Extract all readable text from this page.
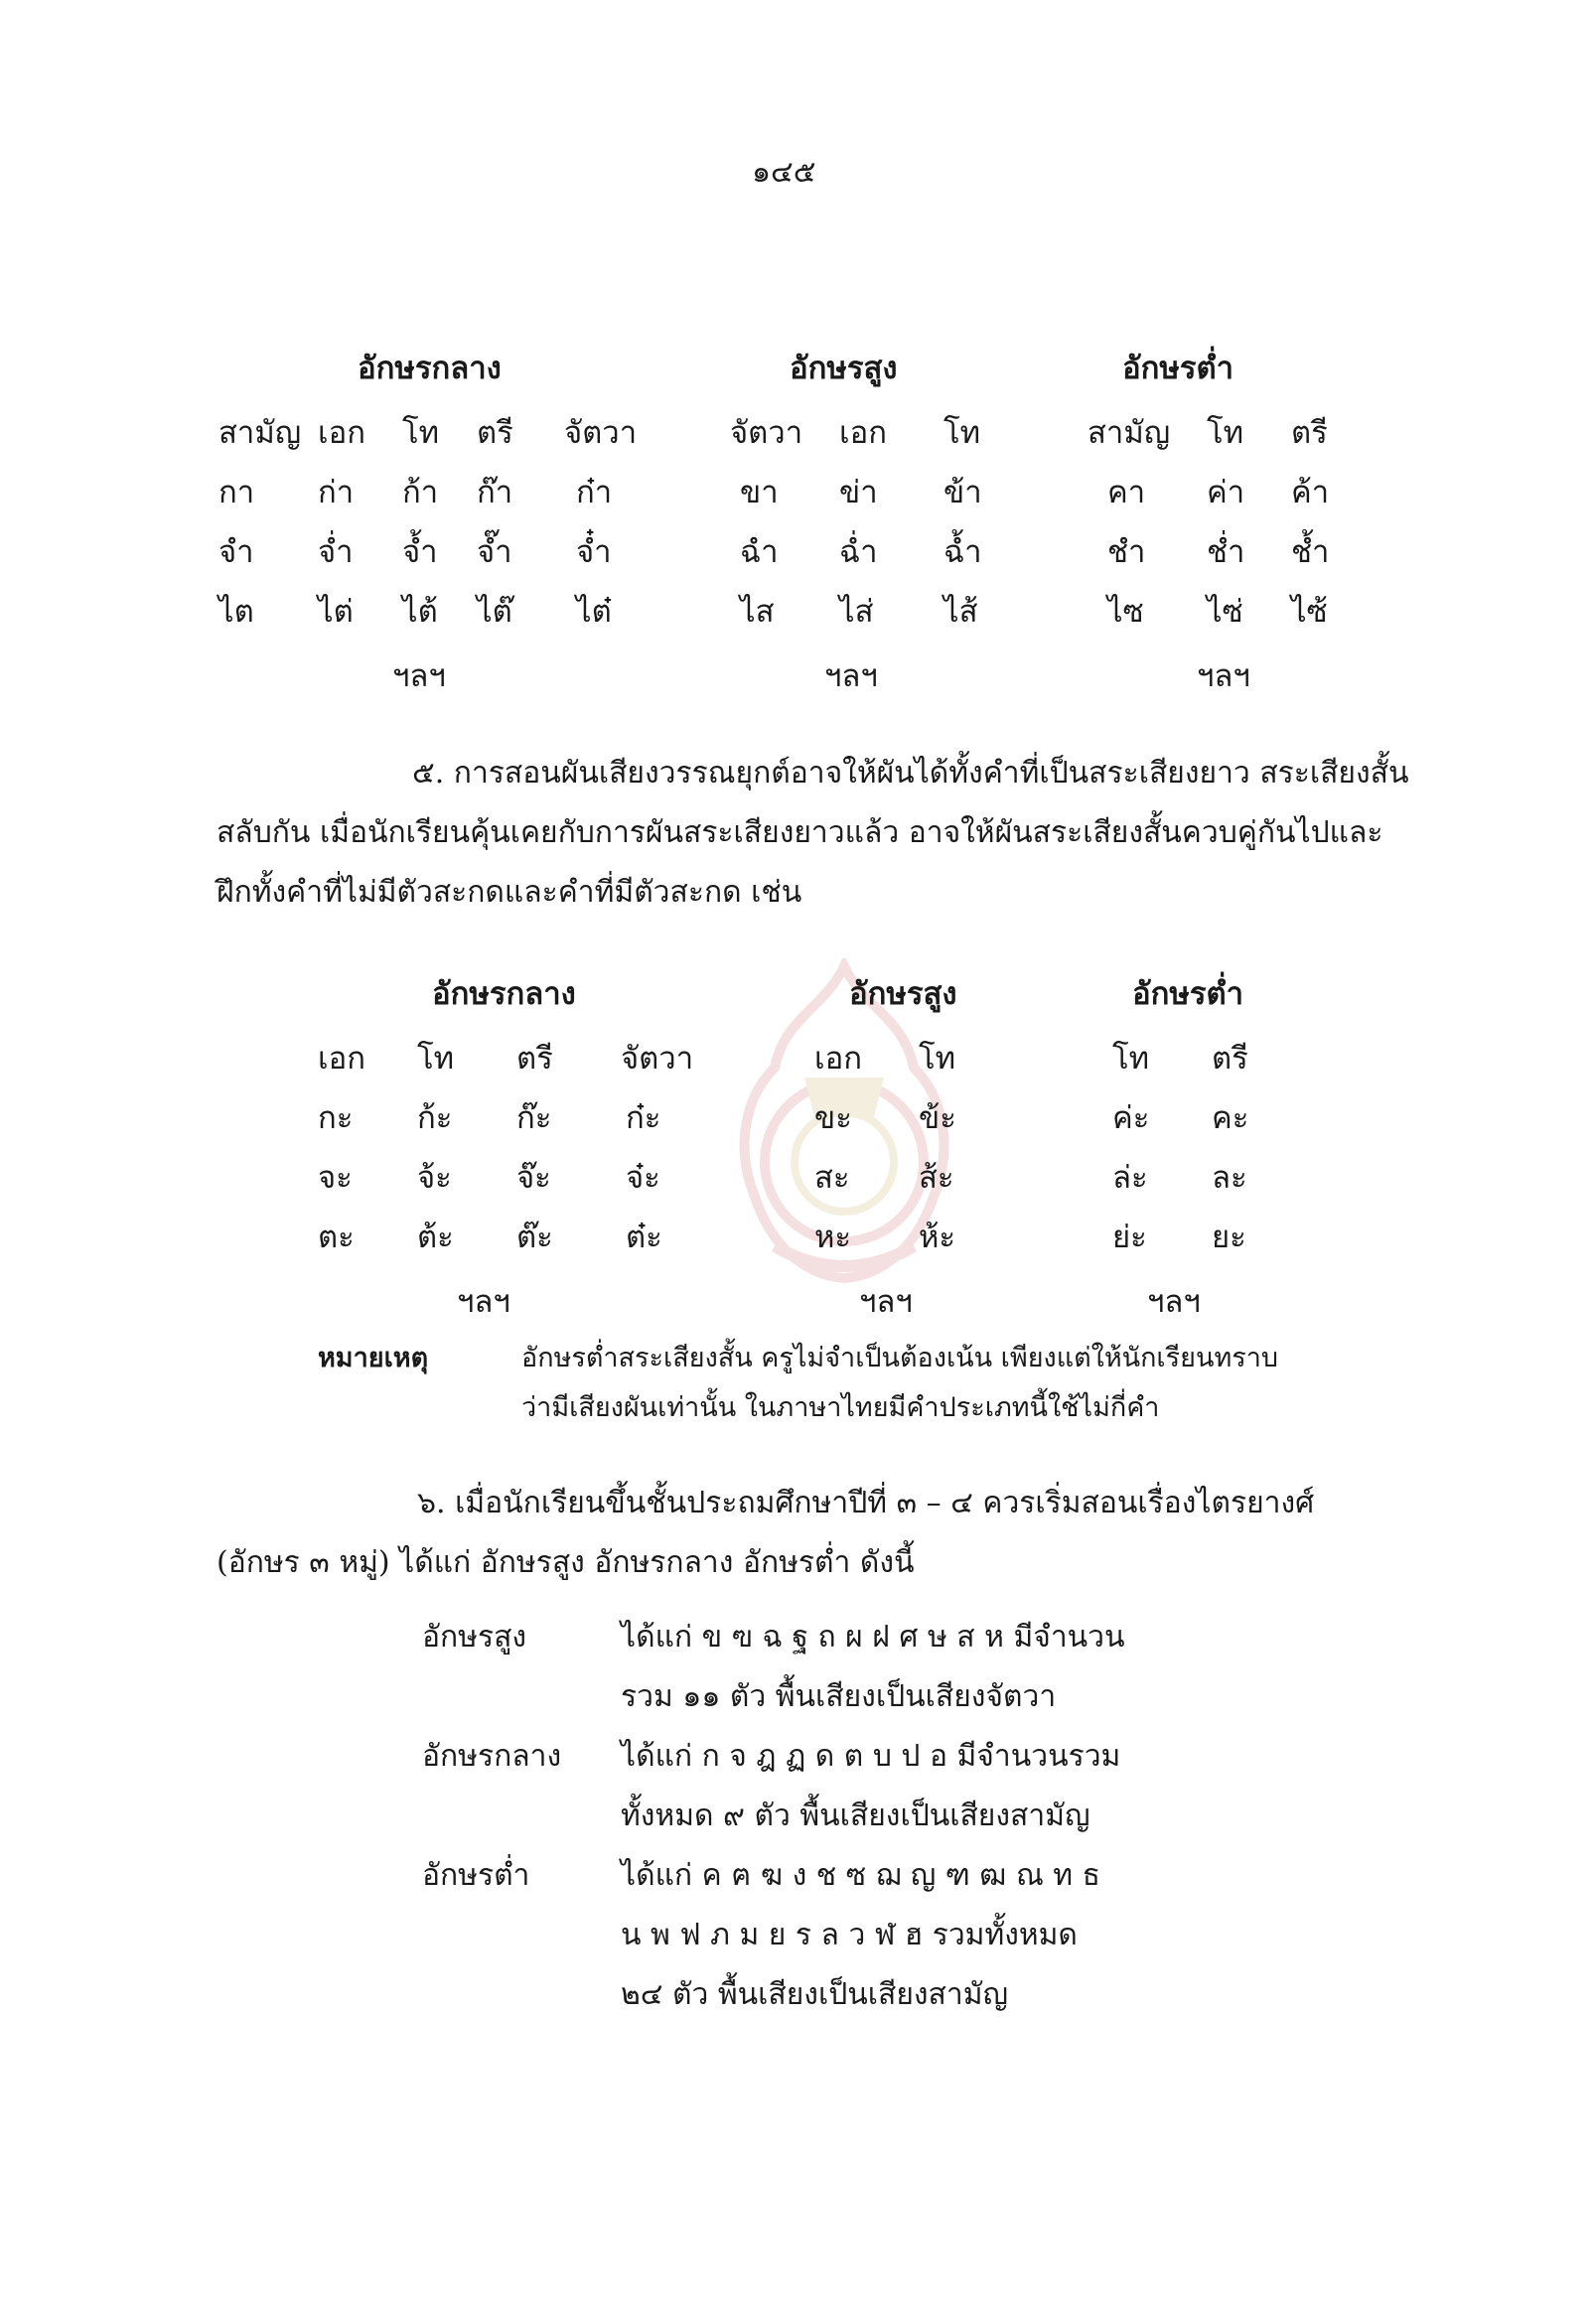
๑๔๕
อักษรกลาง	อักษรสูง	อักษรต่ำ
สามัญ เอก โท ตรี จัตวา	จัตวา เอก โท	สามัญ โท ตรี
กา ก่า ก้า ก๊า ก๋า	ขา ข่า ข้า	คา ค่า ค้า
จำ จ่ำ จ้ำ จ๊ำ จ๋ำ	ฉำ ฉ่ำ ฉ้ำ	ชำ ช่ำ ช้ำ
ไต ไต่ ไต้ ไต๊ ไต๋	ไส ไส่ ไส้	ไซ ไซ่ ไซ้
ฯลฯ	ฯลฯ	ฯลฯ
๕. การสอนผันเสียงวรรณยุกต์อาจให้ผันได้ทั้งคำที่เป็นสระเสียงยาว สระเสียงสั้น
สลับกัน เมื่อนักเรียนคุ้นเคยกับการผันสระเสียงยาวแล้ว อาจให้ผันสระเสียงสั้นควบคู่กันไปและ
ฝึกทั้งคำที่ไม่มีตัวสะกดและคำที่มีตัวสะกด เช่น
อักษรกลาง	อักษรสูง	อักษรต่ำ
เอก โท ตรี จัตวา	เอก โท	โท ตรี
กะ ก้ะ ก๊ะ ก๋ะ	ขะ ข้ะ	ค่ะ คะ
จะ จ้ะ จ๊ะ จ๋ะ	สะ ส้ะ	ล่ะ ละ
ตะ ต้ะ ต๊ะ ต๋ะ	หะ ห้ะ	ย่ะ ยะ
ฯลฯ	ฯลฯ	ฯลฯ
หมายเหตุ	อักษรต่ำสระเสียงสั้น ครูไม่จำเป็นต้องเน้น เพียงแต่ให้นักเรียนทราบ
ว่ามีเสียงผันเท่านั้น ในภาษาไทยมีคำประเภทนี้ใช้ไม่กี่คำ
๖. เมื่อนักเรียนขึ้นชั้นประถมศึกษาปีที่ ๓ – ๔ ควรเริ่มสอนเรื่องไตรยางศ์
(อักษร ๓ หมู่) ได้แก่ อักษรสูง อักษรกลาง อักษรต่ำ ดังนี้
อักษรสูง	ได้แก่ ข ฃ ฉ ฐ ถ ผ ฝ ศ ษ ส ห มีจำนวน
รวม ๑๑ ตัว พื้นเสียงเป็นเสียงจัตวา
อักษรกลาง ได้แก่ ก จ ฎ ฏ ด ต บ ป อ มีจำนวนรวม
ทั้งหมด ๙ ตัว พื้นเสียงเป็นเสียงสามัญ
อักษรต่ำ	ได้แก่ ค ฅ ฆ ง ช ซ ฌ ญ ฑ ฒ ณ ท ธ
น พ ฟ ภ ม ย ร ล ว ฬ ฮ รวมทั้งหมด
๒๔ ตัว พื้นเสียงเป็นเสียงสามัญ
